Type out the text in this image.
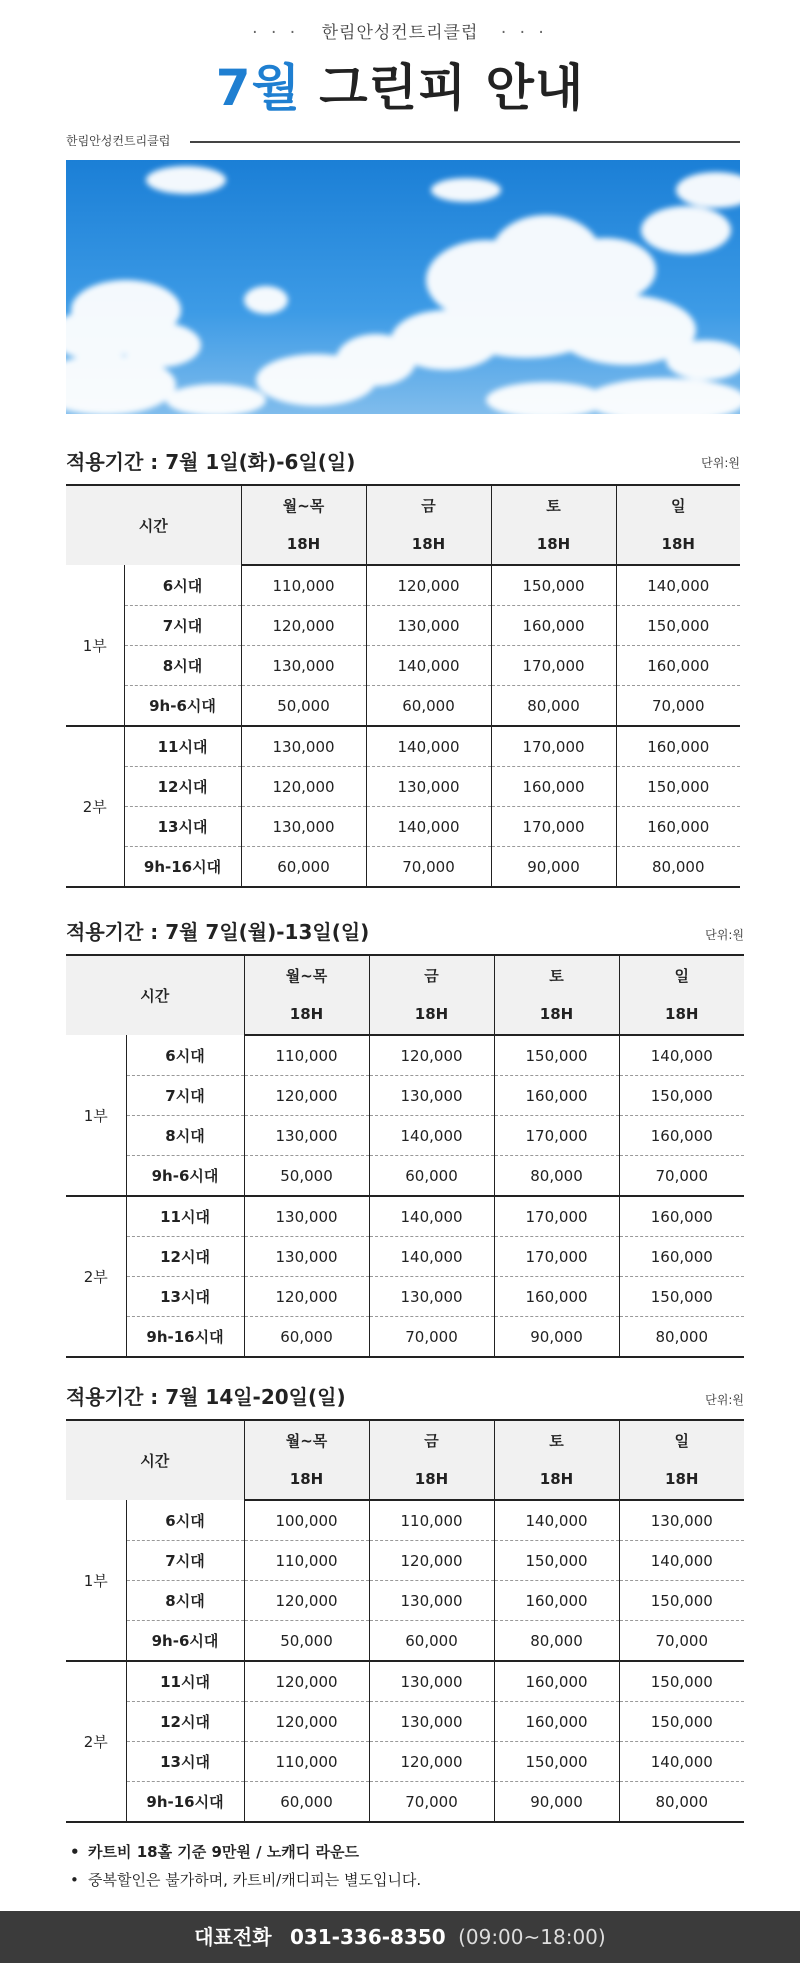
· · · 한림안성컨트리클럽 · · ·
7월 그린피 안내
한림안성컨트리클럽
적용기간 : 7월 1일(화)-6일(일)	단위:원
시간		월~목	금	토	일
		18H	18H	18H	18H
1부	6시대	110,000	120,000	150,000	140,000
	7시대	120,000	130,000	160,000	150,000
	8시대	130,000	140,000	170,000	160,000
	9h-6시대	50,000	60,000	80,000	70,000
2부	11시대	130,000	140,000	170,000	160,000
	12시대	120,000	130,000	160,000	150,000
	13시대	130,000	140,000	170,000	160,000
	9h-16시대	60,000	70,000	90,000	80,000
적용기간 : 7월 7일(월)-13일(일)	단위:원
시간		월~목	금	토	일
		18H	18H	18H	18H
1부	6시대	110,000	120,000	150,000	140,000
	7시대	120,000	130,000	160,000	150,000
	8시대	130,000	140,000	170,000	160,000
	9h-6시대	50,000	60,000	80,000	70,000
2부	11시대	130,000	140,000	170,000	160,000
	12시대	130,000	140,000	170,000	160,000
	13시대	120,000	130,000	160,000	150,000
	9h-16시대	60,000	70,000	90,000	80,000
적용기간 : 7월 14일-20일(일)	단위:원
시간		월~목	금	토	일
		18H	18H	18H	18H
1부	6시대	100,000	110,000	140,000	130,000
	7시대	110,000	120,000	150,000	140,000
	8시대	120,000	130,000	160,000	150,000
	9h-6시대	50,000	60,000	80,000	70,000
2부	11시대	120,000	130,000	160,000	150,000
	12시대	120,000	130,000	160,000	150,000
	13시대	110,000	120,000	150,000	140,000
	9h-16시대	60,000	70,000	90,000	80,000
• 카트비 18홀 기준 9만원 / 노캐디 라운드
• 중복할인은 불가하며, 카트비/캐디피는 별도입니다.
대표전화 031-336-8350 (09:00~18:00)
